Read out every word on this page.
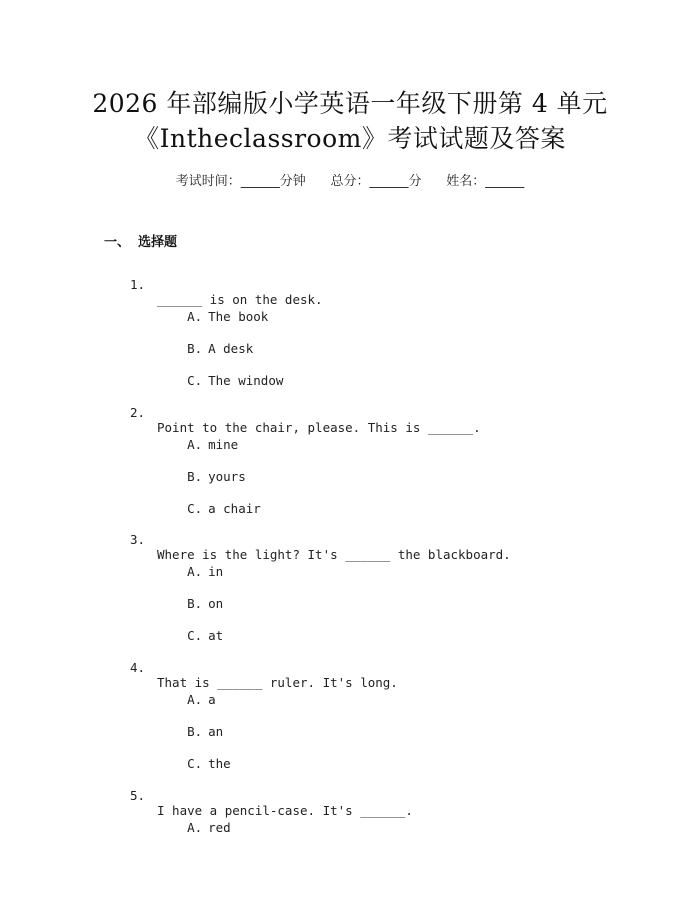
2026 年部编版小学英语一年级下册第 4 单元
《Intheclassroom》考试试题及答案
考试时间：______分钟      总分：______分      姓名：______
一、 选择题

1.

______ is on the desk.

A. The book

B. A desk

C. The window

2.

Point to the chair, please. This is ______.

A. mine

B. yours

C. a chair

3.

Where is the light? It's ______ the blackboard.

A. in

B. on

C. at

4.

That is ______ ruler. It's long.

A. a

B. an

C. the

5.

I have a pencil-case. It's ______.

A. red
